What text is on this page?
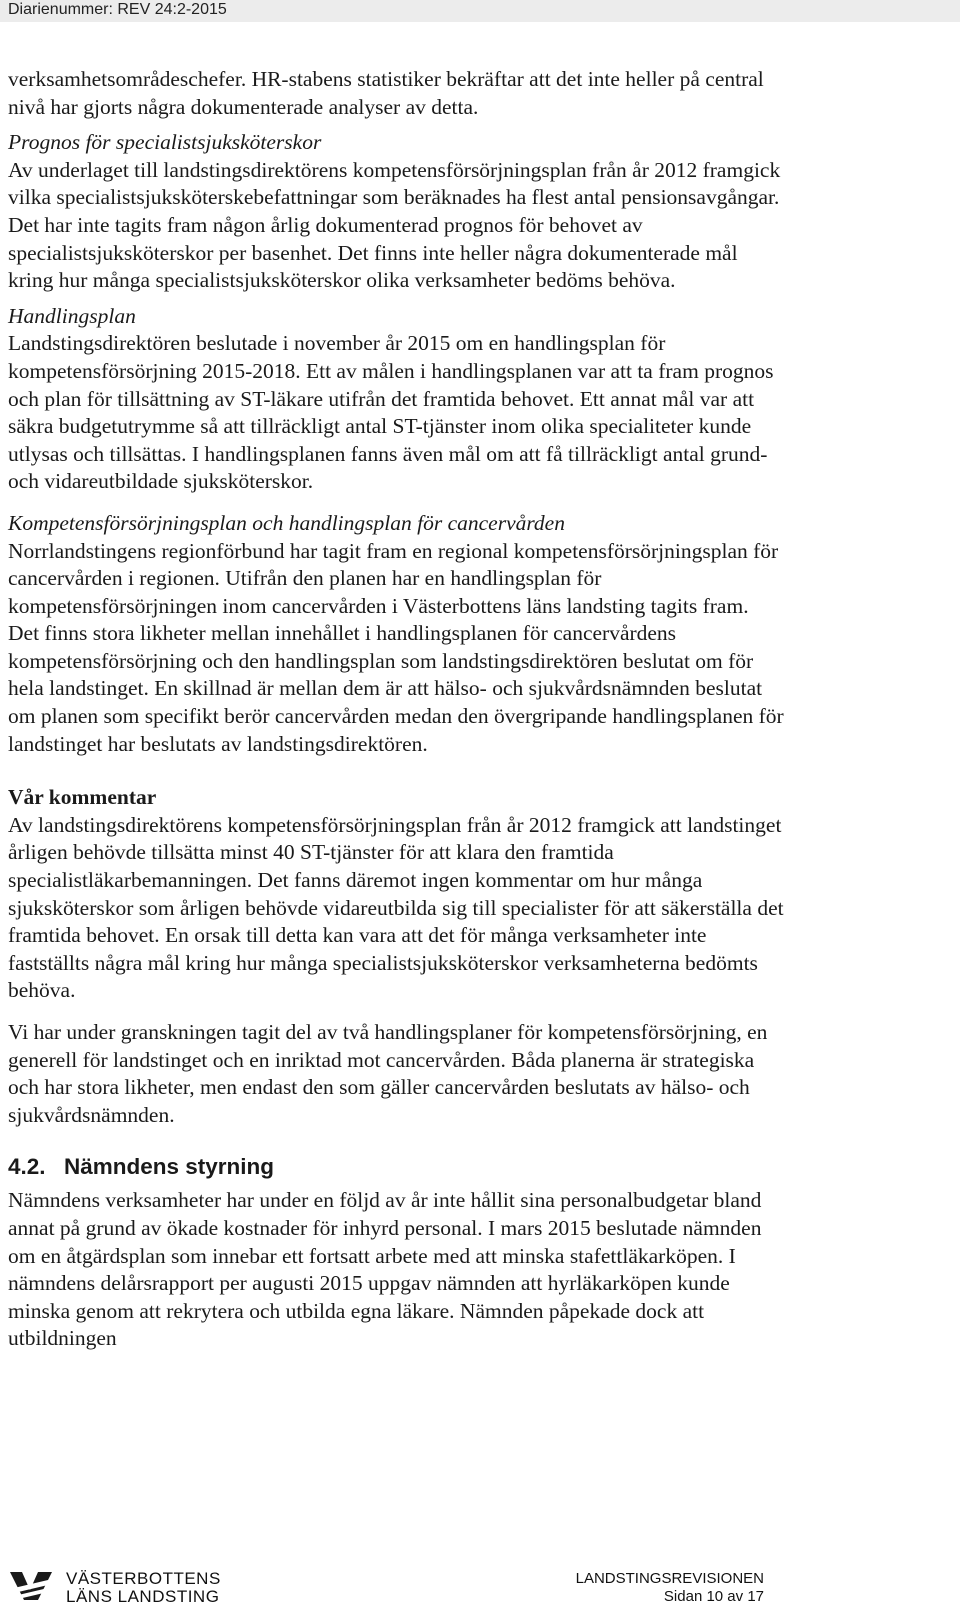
Diarienummer: REV 24:2-2015

verksamhetsområdeschefer. HR-stabens statistiker bekräftar att det inte heller på central nivå har gjorts några dokumenterade analyser av detta.

Prognos för specialistsjuksköterskor

Av underlaget till landstingsdirektörens kompetensförsörjningsplan från år 2012 framgick vilka specialistsjuksköterskebefattningar som beräknades ha flest antal pensionsavgångar. Det har inte tagits fram någon årlig dokumenterad prognos för behovet av specialistsjuksköterskor per basenhet. Det finns inte heller några dokumenterade mål kring hur många specialistsjuksköterskor olika verksamheter bedöms behöva.

Handlingsplan

Landstingsdirektören beslutade i november år 2015 om en handlingsplan för kompetensförsörjning 2015-2018. Ett av målen i handlingsplanen var att ta fram prognos och plan för tillsättning av ST-läkare utifrån det framtida behovet. Ett annat mål var att säkra budgetutrymme så att tillräckligt antal ST-tjänster inom olika specialiteter kunde utlysas och tillsättas. I handlingsplanen fanns även mål om att få tillräckligt antal grund- och vidareutbildade sjuksköterskor.

Kompetensförsörjningsplan och handlingsplan för cancervården

Norrlandstingens regionförbund har tagit fram en regional kompetensförsörjningsplan för cancervården i regionen. Utifrån den planen har en handlingsplan för kompetensförsörjningen inom cancervården i Västerbottens läns landsting tagits fram. Det finns stora likheter mellan innehållet i handlingsplanen för cancervårdens kompetensförsörjning och den handlingsplan som landstingsdirektören beslutat om för hela landstinget. En skillnad är mellan dem är att hälso- och sjukvårdsnämnden beslutat om planen som specifikt berör cancervården medan den övergripande handlingsplanen för landstinget har beslutats av landstingsdirektören.

Vår kommentar

Av landstingsdirektörens kompetensförsörjningsplan från år 2012 framgick att landstinget årligen behövde tillsätta minst 40 ST-tjänster för att klara den framtida specialistläkarbemanningen. Det fanns däremot ingen kommentar om hur många sjuksköterskor som årligen behövde vidareutbilda sig till specialister för att säkerställa det framtida behovet. En orsak till detta kan vara att det för många verksamheter inte fastställts några mål kring hur många specialistsjuksköterskor verksamheterna bedömts behöva.

Vi har under granskningen tagit del av två handlingsplaner för kompetensförsörjning, en generell för landstinget och en inriktad mot cancervården. Båda planerna är strategiska och har stora likheter, men endast den som gäller cancervården beslutats av hälso- och sjukvårdsnämnden.

4.2. Nämndens styrning

Nämndens verksamheter har under en följd av år inte hållit sina personalbudgetar bland annat på grund av ökade kostnader för inhyrd personal. I mars 2015 beslutade nämnden om en åtgärdsplan som innebar ett fortsatt arbete med att minska stafettläkarköpen. I nämndens delårsrapport per augusti 2015 uppgav nämnden att hyrläkarköpen kunde minska genom att rekrytera och utbilda egna läkare. Nämnden påpekade dock att utbildningen

VÄSTERBOTTENS
LÄNS LANDSTING
LANDSTINGSREVISIONEN
Sidan 10 av 17
